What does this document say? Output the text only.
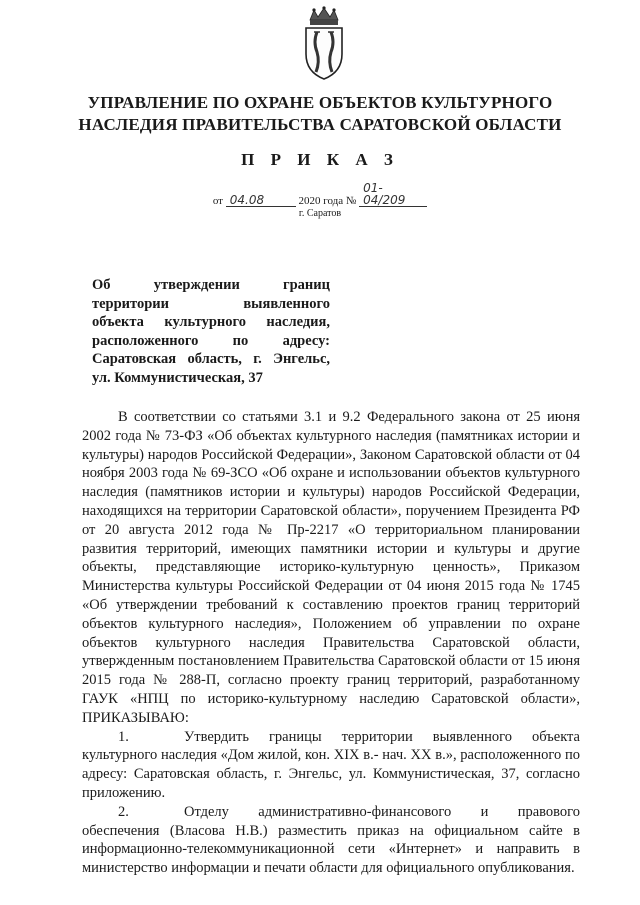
УПРАВЛЕНИЕ ПО ОХРАНЕ ОБЪЕКТОВ КУЛЬТУРНОГО
НАСЛЕДИЯ ПРАВИТЕЛЬСТВА САРАТОВСКОЙ ОБЛАСТИ
П Р И К А З
от 04.08	2020 года № 01-04/209
г. Саратов
Об утверждении границ
территории выявленного
объекта культурного наследия,
расположенного по адресу:
Саратовская область, г. Энгельс,
ул. Коммунистическая, 37

В соответствии со статьями 3.1 и 9.2 Федерального закона от 25 июня 2002 года № 73-ФЗ «Об объектах культурного наследия (памятниках истории и культуры) народов Российской Федерации», Законом Саратовской области от 04 ноября 2003 года № 69-ЗСО «Об охране и использовании объектов культурного наследия (памятников истории и культуры) народов Российской Федерации, находящихся на территории Саратовской области», поручением Президента РФ от 20 августа 2012 года № Пр-2217 «О территориальном планировании развития территорий, имеющих памятники истории и культуры и другие объекты, представляющие историко-культурную ценность», Приказом Министерства культуры Российской Федерации от 04 июня 2015 года № 1745 «Об утверждении требований к составлению проектов границ территорий объектов культурного наследия», Положением об управлении по охране объектов культурного наследия Правительства Саратовской области, утвержденным постановлением Правительства Саратовской области от 15 июня 2015 года № 288-П, согласно проекту границ территорий, разработанному ГАУК «НПЦ по историко-культурному наследию Саратовской области», ПРИКАЗЫВАЮ:

1.	Утвердить границы территории выявленного объекта культурного наследия «Дом жилой, кон. XIX в.- нач. XX в.», расположенного по адресу: Саратовская область, г. Энгельс, ул. Коммунистическая, 37, согласно приложению.

2.	Отделу административно-финансового и правового обеспечения (Власова Н.В.) разместить приказ на официальном сайте в информационно-телекоммуникационной сети «Интернет» и направить в министерство информации и печати области для официального опубликования.
